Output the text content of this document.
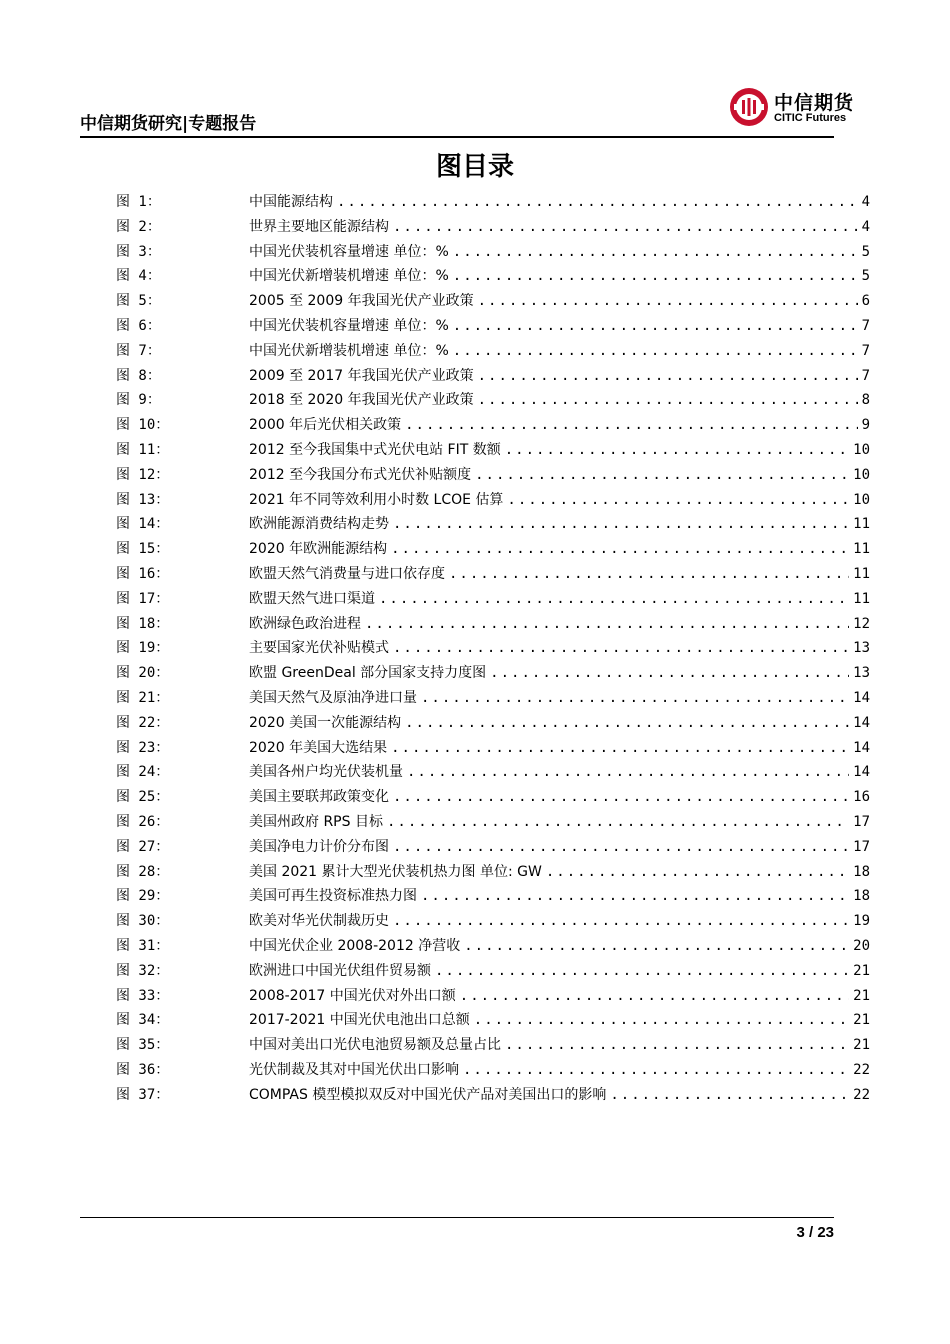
中信期货研究|专题报告
中信期货
CITIC Futures
图目录
图 1：	中国能源结构 .....	4
图 2：	世界主要地区能源结构 .....	4
图 3：	中国光伏装机容量增速 单位：% .....	5
图 4：	中国光伏新增装机增速 单位：% .....	5
图 5：	2005 至 2009 年我国光伏产业政策 .....	6
图 6：	中国光伏装机容量增速 单位：% .....	7
图 7：	中国光伏新增装机增速 单位：% .....	7
图 8：	2009 至 2017 年我国光伏产业政策 .....	7
图 9：	2018 至 2020 年我国光伏产业政策 .....	8
图 10：	2000 年后光伏相关政策 .....	9
图 11：	2012 至今我国集中式光伏电站 FIT 数额 .....	10
图 12：	2012 至今我国分布式光伏补贴额度 .....	10
图 13：	2021 年不同等效利用小时数 LCOE 估算 .....	10
图 14：	欧洲能源消费结构走势 .....	11
图 15：	2020 年欧洲能源结构 .....	11
图 16：	欧盟天然气消费量与进口依存度 .....	11
图 17：	欧盟天然气进口渠道 .....	11
图 18：	欧洲绿色政治进程 .....	12
图 19：	主要国家光伏补贴模式 .....	13
图 20：	欧盟 GreenDeal 部分国家支持力度图 .....	13
图 21：	美国天然气及原油净进口量 .....	14
图 22：	2020 美国一次能源结构 .....	14
图 23：	2020 年美国大选结果 .....	14
图 24：	美国各州户均光伏装机量 .....	14
图 25：	美国主要联邦政策变化 .....	16
图 26：	美国州政府 RPS 目标 .....	17
图 27：	美国净电力计价分布图 .....	17
图 28：	美国 2021 累计大型光伏装机热力图 单位: GW .....	18
图 29：	美国可再生投资标准热力图 .....	18
图 30：	欧美对华光伏制裁历史 .....	19
图 31：	中国光伏企业 2008-2012 净营收 .....	20
图 32：	欧洲进口中国光伏组件贸易额 .....	21
图 33：	2008-2017 中国光伏对外出口额 .....	21
图 34：	2017-2021 中国光伏电池出口总额 .....	21
图 35：	中国对美出口光伏电池贸易额及总量占比 .....	21
图 36：	光伏制裁及其对中国光伏出口影响 .....	22
图 37：	COMPAS 模型模拟双反对中国光伏产品对美国出口的影响 .....	22
3 / 23
